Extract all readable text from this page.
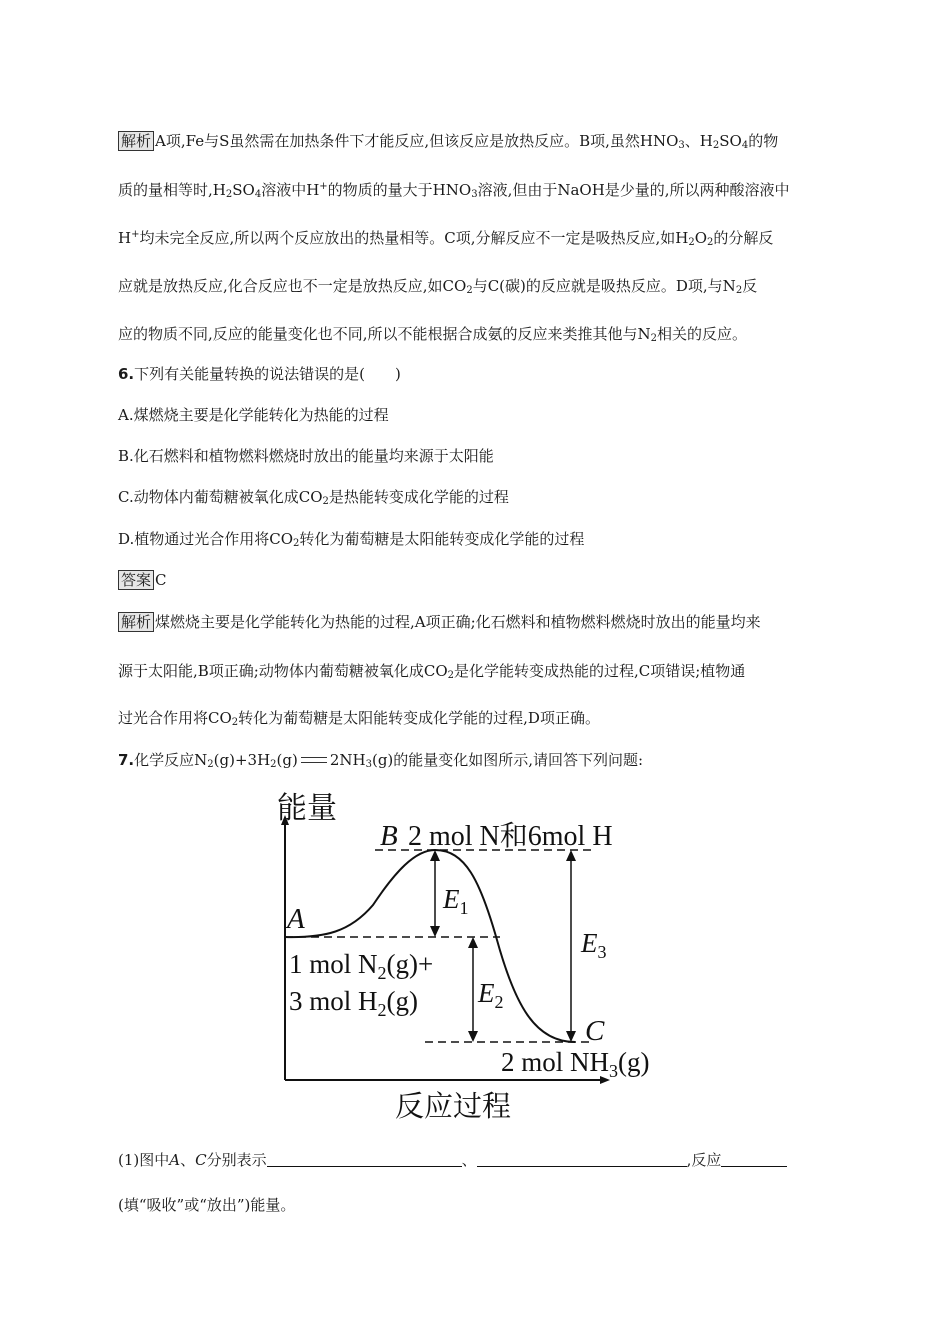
解析 A项,Fe与S虽然需在加热条件下才能反应,但该反应是放热反应。B项,虽然$HNO_3$、$H_2SO_4$的物
质的量相等时$,H_2SO_4$溶液中H+的物质的量大于$HNO_3$溶液,但由于NaOH是少量的,所以两种酸溶液中
H+均未完全反应,所以两个反应放出的热量相等。C项,分解反应不一定是吸热反应,如$H_2O_2$的分解反
应就是放热反应,化合反应也不一定是放热反应,如$CO_2$与C(碳)的反应就是吸热反应。D项,与$N_2$反
应的物质不同,反应的能量变化也不同,所以不能根据合成氨的反应来类推其他与$N_2$相关的反应。
6.下列有关能量转换的说法错误的是(　　)
A.煤燃烧主要是化学能转化为热能的过程
B.化石燃料和植物燃料燃烧时放出的能量均来源于太阳能
C.动物体内葡萄糖被氧化成$CO_2$是热能转变成化学能的过程
D.植物通过光合作用将$CO_2$转化为葡萄糖是太阳能转变成化学能的过程
答案 C
解析 煤燃烧主要是化学能转化为热能的过程,A项正确;化石燃料和植物燃料燃烧时放出的能量均来
源于太阳能,B项正确;动物体内葡萄糖被氧化成$CO_2$是化学能转变成热能的过程,C项错误;植物通
过光合作用将$CO_2$转化为葡萄糖是太阳能转变成化学能的过程,D项正确。
7.化学反应$N_2(g)+3H_2(g)$ $2NH_3(g)$的能量变化如图所示,请回答下列问题:
能量
反应过程
B 2 mol N和6mol H
A
1 mol $N_2(g)+$
3 mol $H_2(g)$
C
2 mol $NH_3(g)$
$E_1$
$E_2$
$E_3$
(1)图中A、C分别表示	、	,反应
(填“吸收”或“放出”)能量。
